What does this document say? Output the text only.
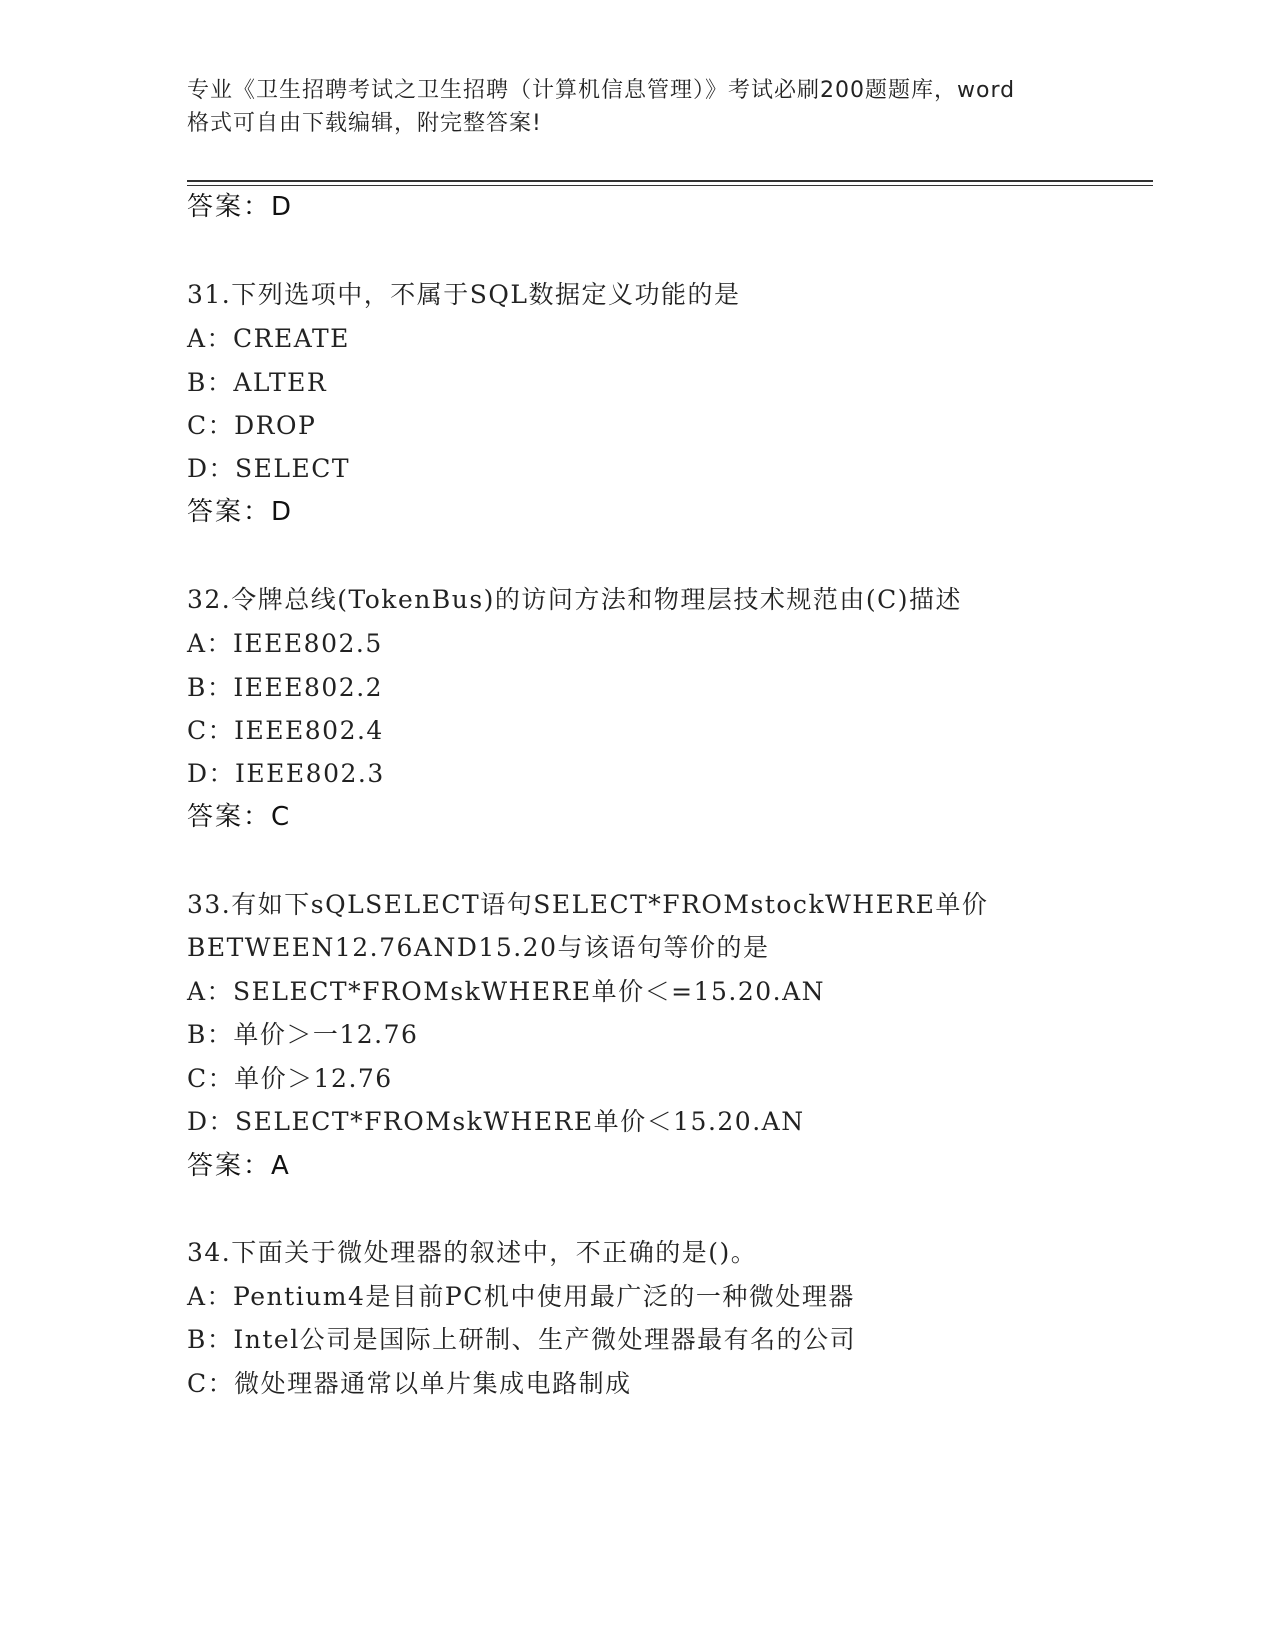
专业《卫生招聘考试之卫生招聘（计算机信息管理）》考试必刷200题题库，word
格式可自由下载编辑，附完整答案!
答案：D
31.下列选项中，不属于SQL数据定义功能的是
A：CREATE
B：ALTER
C：DROP
D：SELECT
答案：D
32.令牌总线(TokenBus)的访问方法和物理层技术规范由(C)描述
A：IEEE802.5
B：IEEE802.2
C：IEEE802.4
D：IEEE802.3
答案：C
33.有如下sQLSELECT语句SELECT*FROMstockWHERE单价
BETWEEN12.76AND15.20与该语句等价的是
A：SELECT*FROMskWHERE单价＜=15.20.AN
B：单价＞一12.76
C：单价＞12.76
D：SELECT*FROMskWHERE单价＜15.20.AN
答案：A
34.下面关于微处理器的叙述中，不正确的是()。
A：Pentium4是目前PC机中使用最广泛的一种微处理器
B：Intel公司是国际上研制、生产微处理器最有名的公司
C：微处理器通常以单片集成电路制成
